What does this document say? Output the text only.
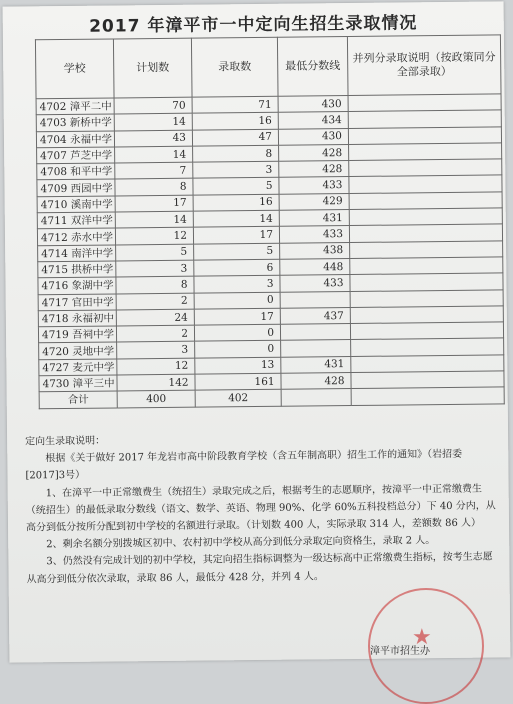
2017 年漳平市一中定向生招生录取情况
学校	计划数	录取数	最低分数线	并列分录取说明（按政策同分全部录取）
4702 漳平二中	70	71	430	
4703 新桥中学	14	16	434	
4704 永福中学	43	47	430	
4707 芦芝中学	14	8	428	
4708 和平中学	7	3	428	
4709 西园中学	8	5	433	
4710 溪南中学	17	16	429	
4711 双洋中学	14	14	431	
4712 赤水中学	12	17	433	
4714 南洋中学	5	5	438	
4715 拱桥中学	3	6	448	
4716 象湖中学	8	3	433	
4717 官田中学	2	0		
4718 永福初中	24	17	437	
4719 吾祠中学	2	0		
4720 灵地中学	3	0		
4727 麦元中学	12	13	431	
4730 漳平三中	142	161	428	
合计	400	402		

定向生录取说明：

根据《关于做好 2017 年龙岩市高中阶段教育学校（含五年制高职）招生工作的通知》（岩招委[2017]3号）

1、在漳平一中正常缴费生（统招生）录取完成之后，根据考生的志愿顺序，按漳平一中正常缴费生（统招生）的最低录取分数线（语文、数学、英语、物理 90%、化学 60%五科投档总分）下 40 分内，从高分到低分按所分配到初中学校的名额进行录取。（计划数 400 人，实际录取 314 人，差额数 86 人）

2、剩余名额分别拨城区初中、农村初中学校从高分到低分录取定向资格生，录取 2 人。

3、仍然没有完成计划的初中学校，其定向招生指标调整为一级达标高中正常缴费生指标，按考生志愿从高分到低分依次录取，录取 86 人，最低分 428 分，并列 4 人。

★
漳平市招生办
